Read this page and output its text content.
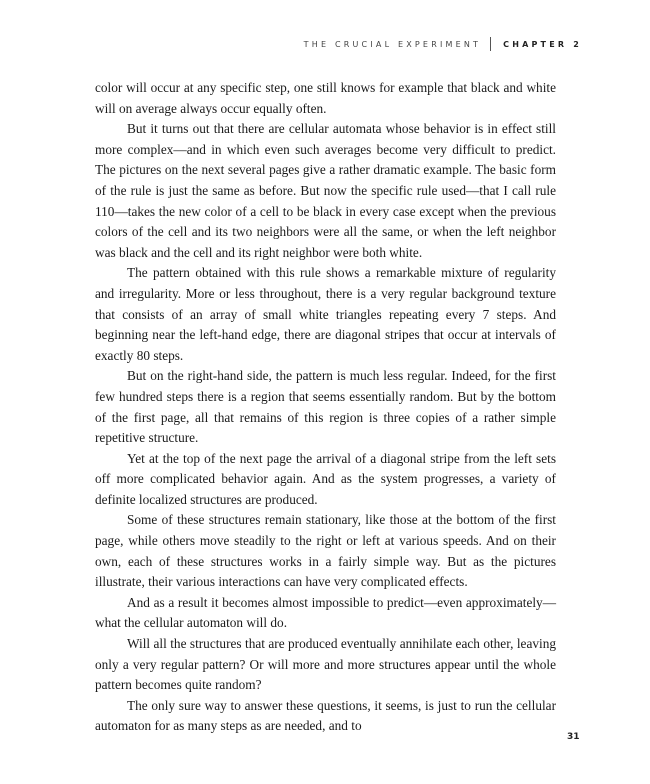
THE CRUCIAL EXPERIMENT	CHAPTER 2

color will occur at any specific step, one still knows for example that black and white will on average always occur equally often.

But it turns out that there are cellular automata whose behavior is in effect still more complex—and in which even such averages become very difficult to predict. The pictures on the next several pages give a rather dramatic example. The basic form of the rule is just the same as before. But now the specific rule used—that I call rule 110—takes the new color of a cell to be black in every case except when the previous colors of the cell and its two neighbors were all the same, or when the left neighbor was black and the cell and its right neighbor were both white.

The pattern obtained with this rule shows a remarkable mixture of regularity and irregularity. More or less throughout, there is a very regular background texture that consists of an array of small white triangles repeating every 7 steps. And beginning near the left-hand edge, there are diagonal stripes that occur at intervals of exactly 80 steps.

But on the right-hand side, the pattern is much less regular. Indeed, for the first few hundred steps there is a region that seems essentially random. But by the bottom of the first page, all that remains of this region is three copies of a rather simple repetitive structure.

Yet at the top of the next page the arrival of a diagonal stripe from the left sets off more complicated behavior again. And as the system progresses, a variety of definite localized structures are produced.

Some of these structures remain stationary, like those at the bottom of the first page, while others move steadily to the right or left at various speeds. And on their own, each of these structures works in a fairly simple way. But as the pictures illustrate, their various interactions can have very complicated effects.

And as a result it becomes almost impossible to predict—even approximately—what the cellular automaton will do.

Will all the structures that are produced eventually annihilate each other, leaving only a very regular pattern? Or will more and more structures appear until the whole pattern becomes quite random?

The only sure way to answer these questions, it seems, is just to run the cellular automaton for as many steps as are needed, and to

31
